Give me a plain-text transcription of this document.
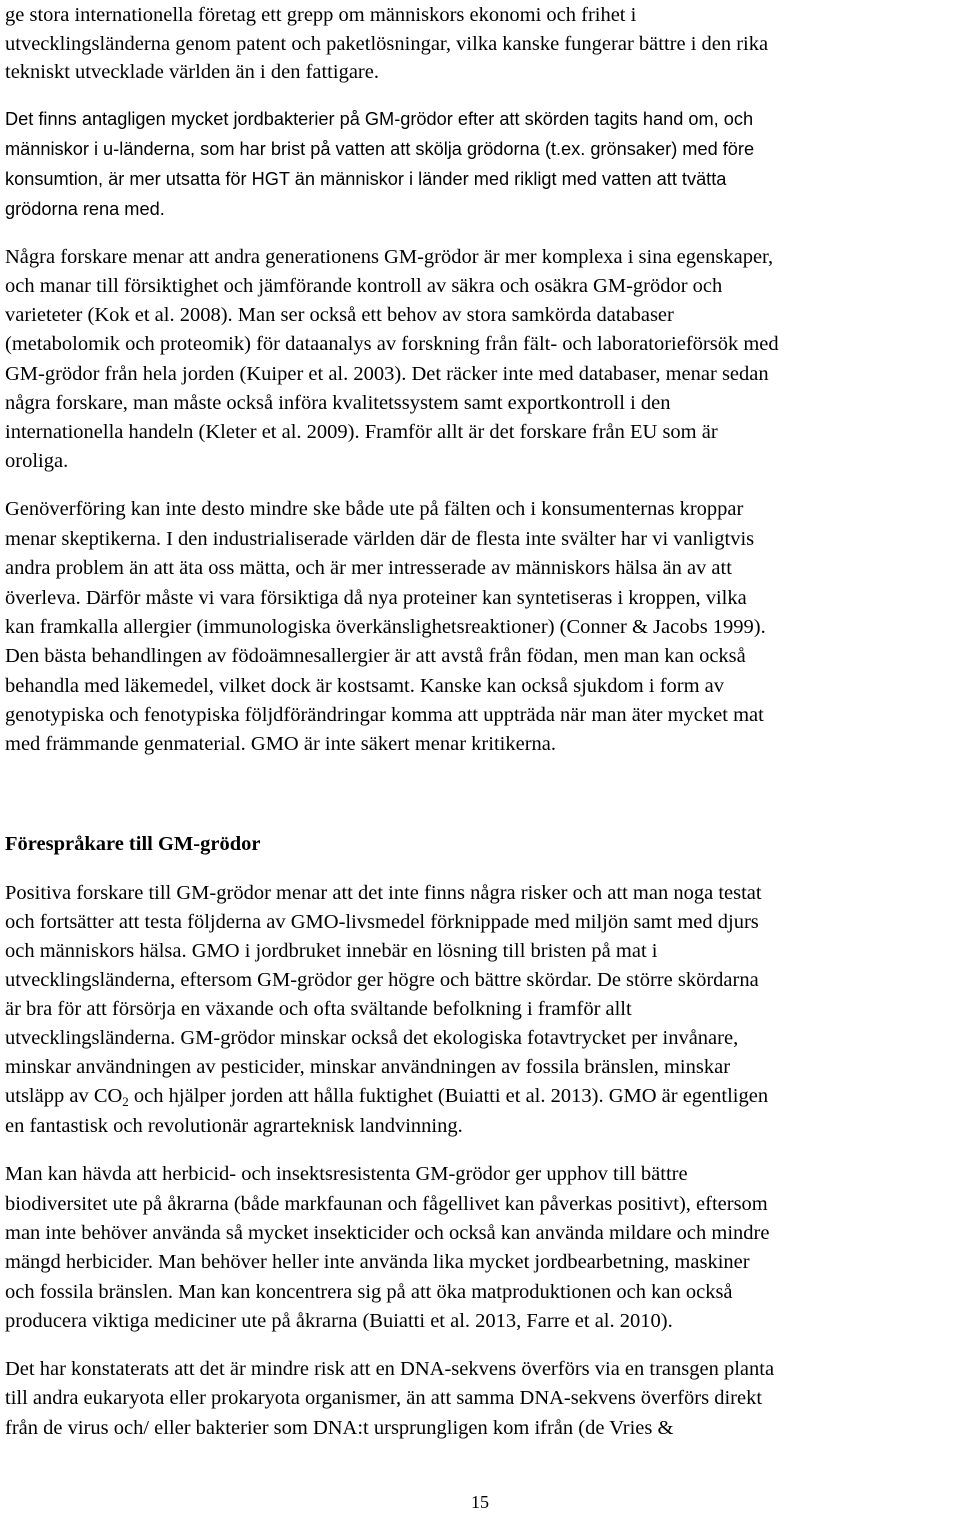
ge stora internationella företag ett grepp om människors ekonomi och frihet i
utvecklingsländerna genom patent och paketlösningar, vilka kanske fungerar bättre i den rika
tekniskt utvecklade världen än i den fattigare.
Det finns antagligen mycket jordbakterier på GM-grödor efter att skörden tagits hand om, och
människor i u-länderna, som har brist på vatten att skölja grödorna (t.ex. grönsaker) med före
konsumtion, är mer utsatta för HGT än människor i länder med rikligt med vatten att tvätta
grödorna rena med.
Några forskare menar att andra generationens GM-grödor är mer komplexa i sina egenskaper,
och manar till försiktighet och jämförande kontroll av säkra och osäkra GM-grödor och
varieteter (Kok et al. 2008). Man ser också ett behov av stora samkörda databaser
(metabolomik och proteomik) för dataanalys av forskning från fält- och laboratorieförsök med
GM-grödor från hela jorden (Kuiper et al. 2003). Det räcker inte med databaser, menar sedan
några forskare, man måste också införa kvalitetssystem samt exportkontroll i den
internationella handeln (Kleter et al. 2009). Framför allt är det forskare från EU som är
oroliga.
Genöverföring kan inte desto mindre ske både ute på fälten och i konsumenternas kroppar
menar skeptikerna. I den industrialiserade världen där de flesta inte svälter har vi vanligtvis
andra problem än att äta oss mätta, och är mer intresserade av människors hälsa än av att
överleva. Därför måste vi vara försiktiga då nya proteiner kan syntetiseras i kroppen, vilka
kan framkalla allergier (immunologiska överkänslighetsreaktioner) (Conner & Jacobs 1999).
Den bästa behandlingen av födoämnesallergier är att avstå från födan, men man kan också
behandla med läkemedel, vilket dock är kostsamt. Kanske kan också sjukdom i form av
genotypiska och fenotypiska följdförändringar komma att uppträda när man äter mycket mat
med främmande genmaterial. GMO är inte säkert menar kritikerna.
Förespråkare till GM-grödor
Positiva forskare till GM-grödor menar att det inte finns några risker och att man noga testat
och fortsätter att testa följderna av GMO-livsmedel förknippade med miljön samt med djurs
och människors hälsa. GMO i jordbruket innebär en lösning till bristen på mat i
utvecklingsländerna, eftersom GM-grödor ger högre och bättre skördar. De större skördarna
är bra för att försörja en växande och ofta svältande befolkning i framför allt
utvecklingsländerna. GM-grödor minskar också det ekologiska fotavtrycket per invånare,
minskar användningen av pesticider, minskar användningen av fossila bränslen, minskar
utsläpp av CO2 och hjälper jorden att hålla fuktighet (Buiatti et al. 2013). GMO är egentligen
en fantastisk och revolutionär agrarteknisk landvinning.
Man kan hävda att herbicid- och insektsresistenta GM-grödor ger upphov till bättre
biodiversitet ute på åkrarna (både markfaunan och fågellivet kan påverkas positivt), eftersom
man inte behöver använda så mycket insekticider och också kan använda mildare och mindre
mängd herbicider. Man behöver heller inte använda lika mycket jordbearbetning, maskiner
och fossila bränslen. Man kan koncentrera sig på att öka matproduktionen och kan också
producera viktiga mediciner ute på åkrarna (Buiatti et al. 2013, Farre et al. 2010).
Det har konstaterats att det är mindre risk att en DNA-sekvens överförs via en transgen planta
till andra eukaryota eller prokaryota organismer, än att samma DNA-sekvens överförs direkt
från de virus och/ eller bakterier som DNA:t ursprungligen kom ifrån (de Vries &
15
